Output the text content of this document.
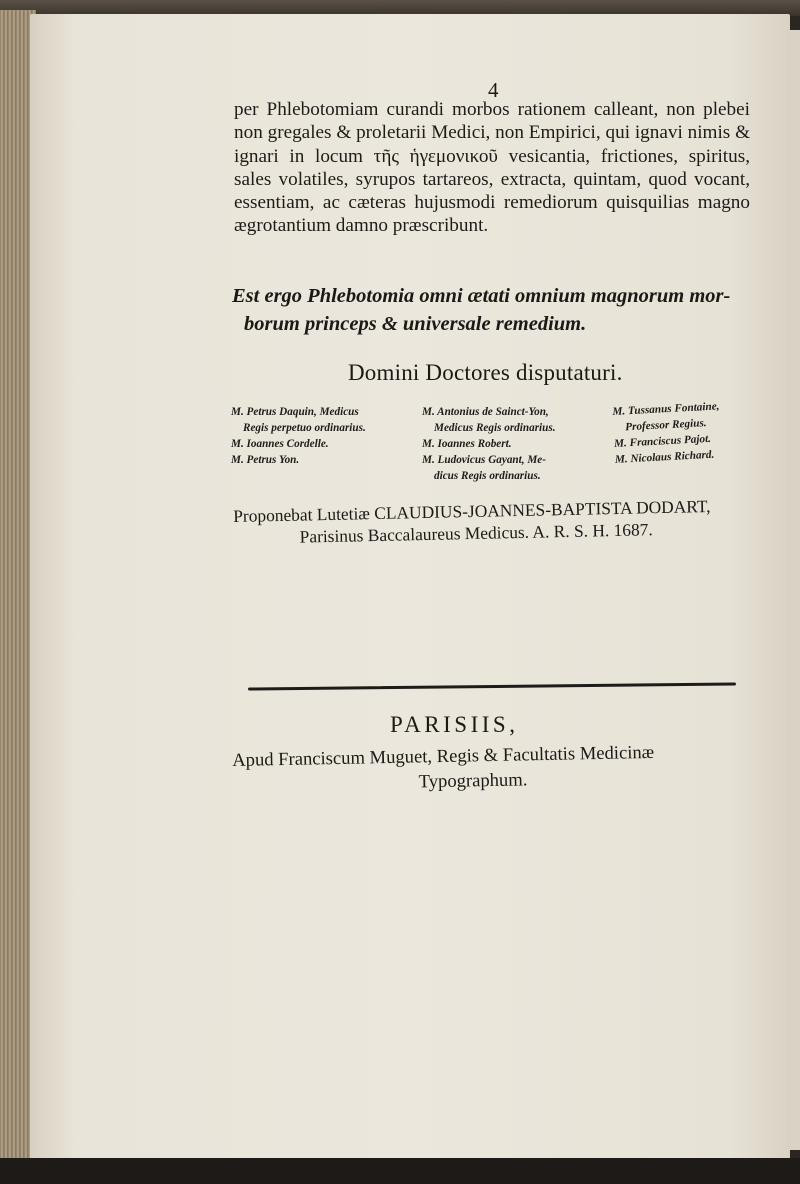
4

per Phlebotomiam curandi morbos rationem calleant, non plebei non gregales & proletarii Medici, non Empirici, qui ignavi nimis & ignari in locum τῆς ἡγεμονικοῦ vesicantia, frictiones, spiritus, sales volatiles, syrupos tartareos, extracta, quintam, quod vocant, essentiam, ac cæteras hujusmodi remediorum quisquilias magno ægrotantium damno præscribunt.

Est ergo Phlebotomia omni ætati omnium magnorum mor-
borum princeps & universale remedium.

Domini Doctores disputaturi.
M. Petrus Daquin, Medicus
Regis perpetuo ordinarius.
M. Ioannes Cordelle.
M. Petrus Yon.
M. Antonius de Sainct-Yon,
Medicus Regis ordinarius.
M. Ioannes Robert.
M. Ludovicus Gayant, Me-
dicus Regis ordinarius.
M. Tussanus Fontaine,
Professor Regius.
M. Franciscus Pajot.
M. Nicolaus Richard.
Proponebat Lutetiæ CLAUDIUS-JOANNES-BAPTISTA DODART,
Parisinus Baccalaureus Medicus. A. R. S. H. 1687.
PARISIIS,
Apud Franciscum Muguet, Regis & Facultatis Medicinæ
Typographum.
